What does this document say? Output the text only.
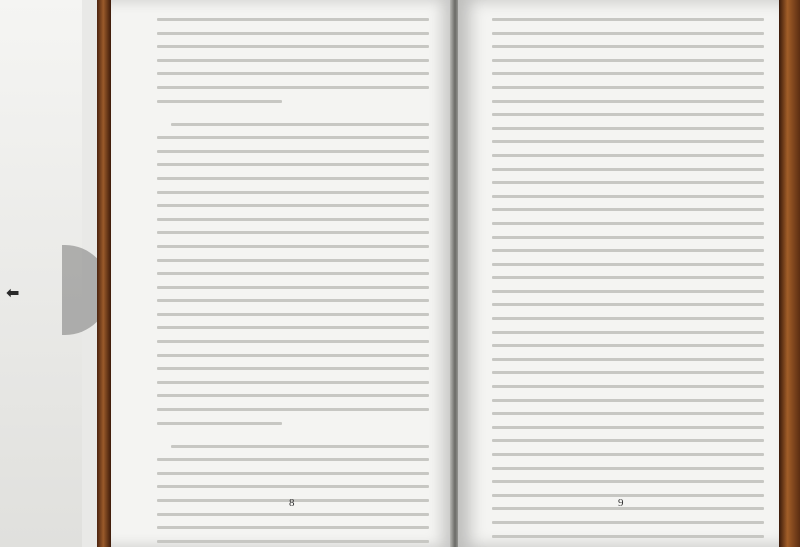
⬅
8	9
